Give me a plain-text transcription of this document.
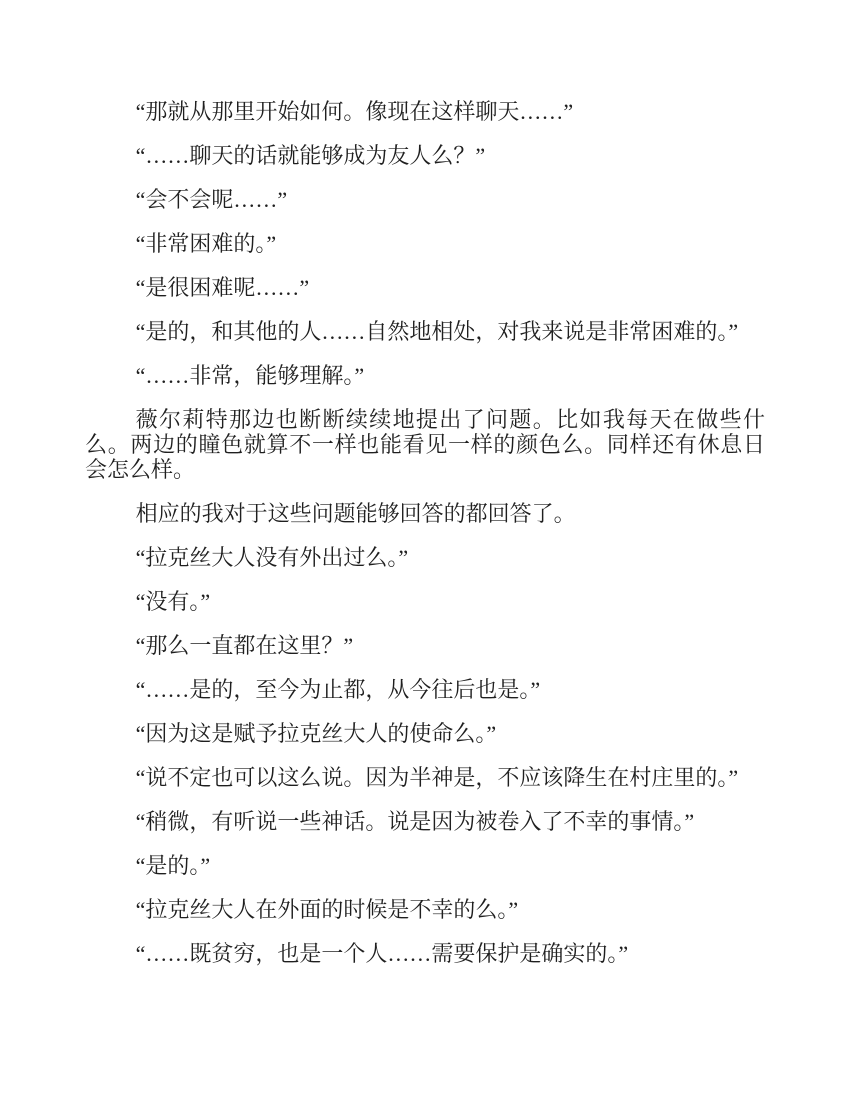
“那就从那里开始如何。像现在这样聊天……”

“……聊天的话就能够成为友人么？”

“会不会呢……”

“非常困难的。”

“是很困难呢……”

“是的，和其他的人……自然地相处，对我来说是非常困难的。”

“……非常，能够理解。”

薇尔莉特那边也断断续续地提出了问题。比如我每天在做些什么。两边的瞳色就算不一样也能看见一样的颜色么。同样还有休息日会怎么样。

相应的我对于这些问题能够回答的都回答了。

“拉克丝大人没有外出过么。”

“没有。”

“那么一直都在这里？”

“……是的，至今为止都，从今往后也是。”

“因为这是赋予拉克丝大人的使命么。”

“说不定也可以这么说。因为半神是，不应该降生在村庄里的。”

“稍微，有听说一些神话。说是因为被卷入了不幸的事情。”

“是的。”

“拉克丝大人在外面的时候是不幸的么。”

“……既贫穷，也是一个人……需要保护是确实的。”
